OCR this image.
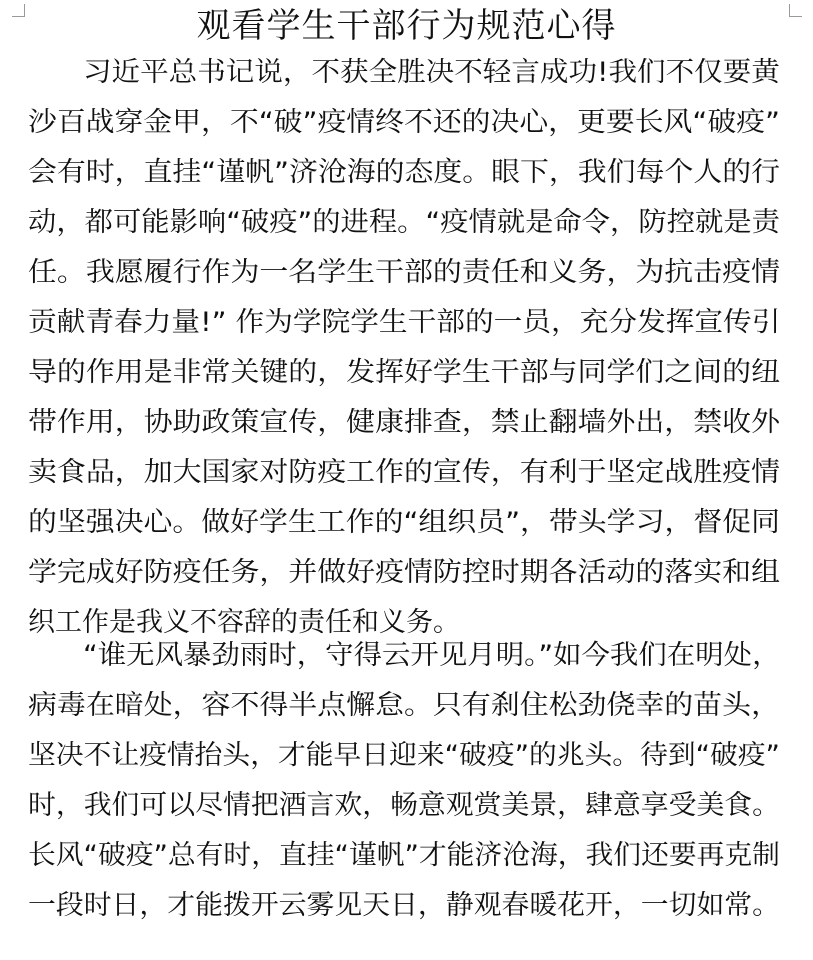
观看学生干部行为规范心得
习近平总书记说，不获全胜决不轻言成功!我们不仅要黄
沙百战穿金甲，不“破”疫情终不还的决心，更要长风“破疫”
会有时，直挂“谨帆”济沧海的态度。眼下，我们每个人的行
动，都可能影响“破疫”的进程。“疫情就是命令，防控就是责
任。我愿履行作为一名学生干部的责任和义务，为抗击疫情
贡献青春力量!” 作为学院学生干部的一员，充分发挥宣传引
导的作用是非常关键的，发挥好学生干部与同学们之间的纽
带作用，协助政策宣传，健康排查，禁止翻墙外出，禁收外
卖食品，加大国家对防疫工作的宣传，有利于坚定战胜疫情
的坚强决心。做好学生工作的“组织员”，带头学习，督促同
学完成好防疫任务，并做好疫情防控时期各活动的落实和组
织工作是我义不容辞的责任和义务。
“谁无风暴劲雨时，守得云开见月明。”如今我们在明处，
病毒在暗处，容不得半点懈怠。只有刹住松劲侥幸的苗头，
坚决不让疫情抬头，才能早日迎来“破疫”的兆头。待到“破疫”
时，我们可以尽情把酒言欢，畅意观赏美景，肆意享受美食。
长风“破疫”总有时，直挂“谨帆”才能济沧海，我们还要再克制
一段时日，才能拨开云雾见天日，静观春暖花开，一切如常。
